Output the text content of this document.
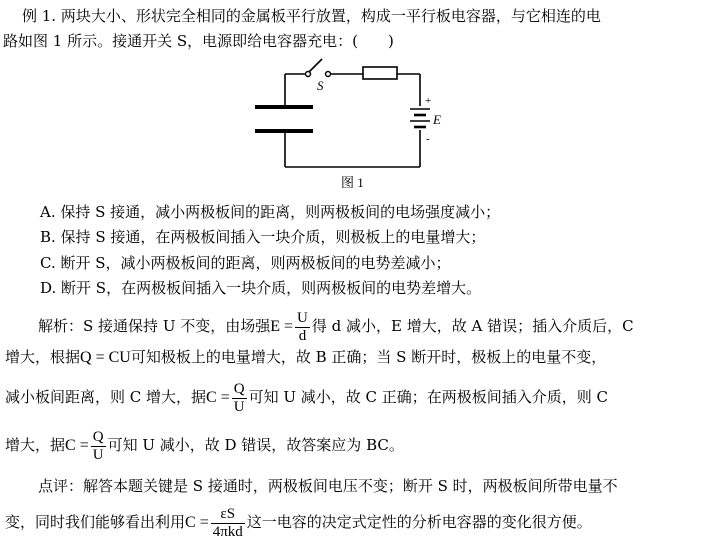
例 1. 两块大小、形状完全相同的金属板平行放置，构成一平行板电容器，与它相连的电
路如图 1 所示。接通开关 S，电源即给电容器充电：(　　)
S
+
E
-
图 1
A. 保持 S 接通，减小两极板间的距离，则两极板间的电场强度减小；
B. 保持 S 接通，在两极板间插入一块介质，则极板上的电量增大；
C. 断开 S，减小两极板间的距离，则两极板间的电势差减小；
D. 断开 S，在两极板间插入一块介质，则两极板间的电势差增大。
解析：S 接通保持 U 不变，由场强$E = \frac{U}{d}$ 得 d 减小，E 增大，故 A 错误；插入介质后，C
增大，根据Q = CU可知极板上的电量增大，故 B 正确；当 S 断开时，极板上的电量不变，
减小板间距离，则 C 增大，据$C = \frac{Q}{U}$ 可知 U 减小，故 C 正确；在两极板间插入介质，则 C
增大，据$C = \frac{Q}{U}$ 可知 U 减小，故 D 错误，故答案应为 BC。
点评：解答本题关键是 S 接通时，两极板间电压不变；断开 S 时，两极板间所带电量不
变，同时我们能够看出利用$C = \frac{\varepsilon S}{\text{4πkd}}$ 这一电容的决定式定性的分析电容器的变化很方便。
